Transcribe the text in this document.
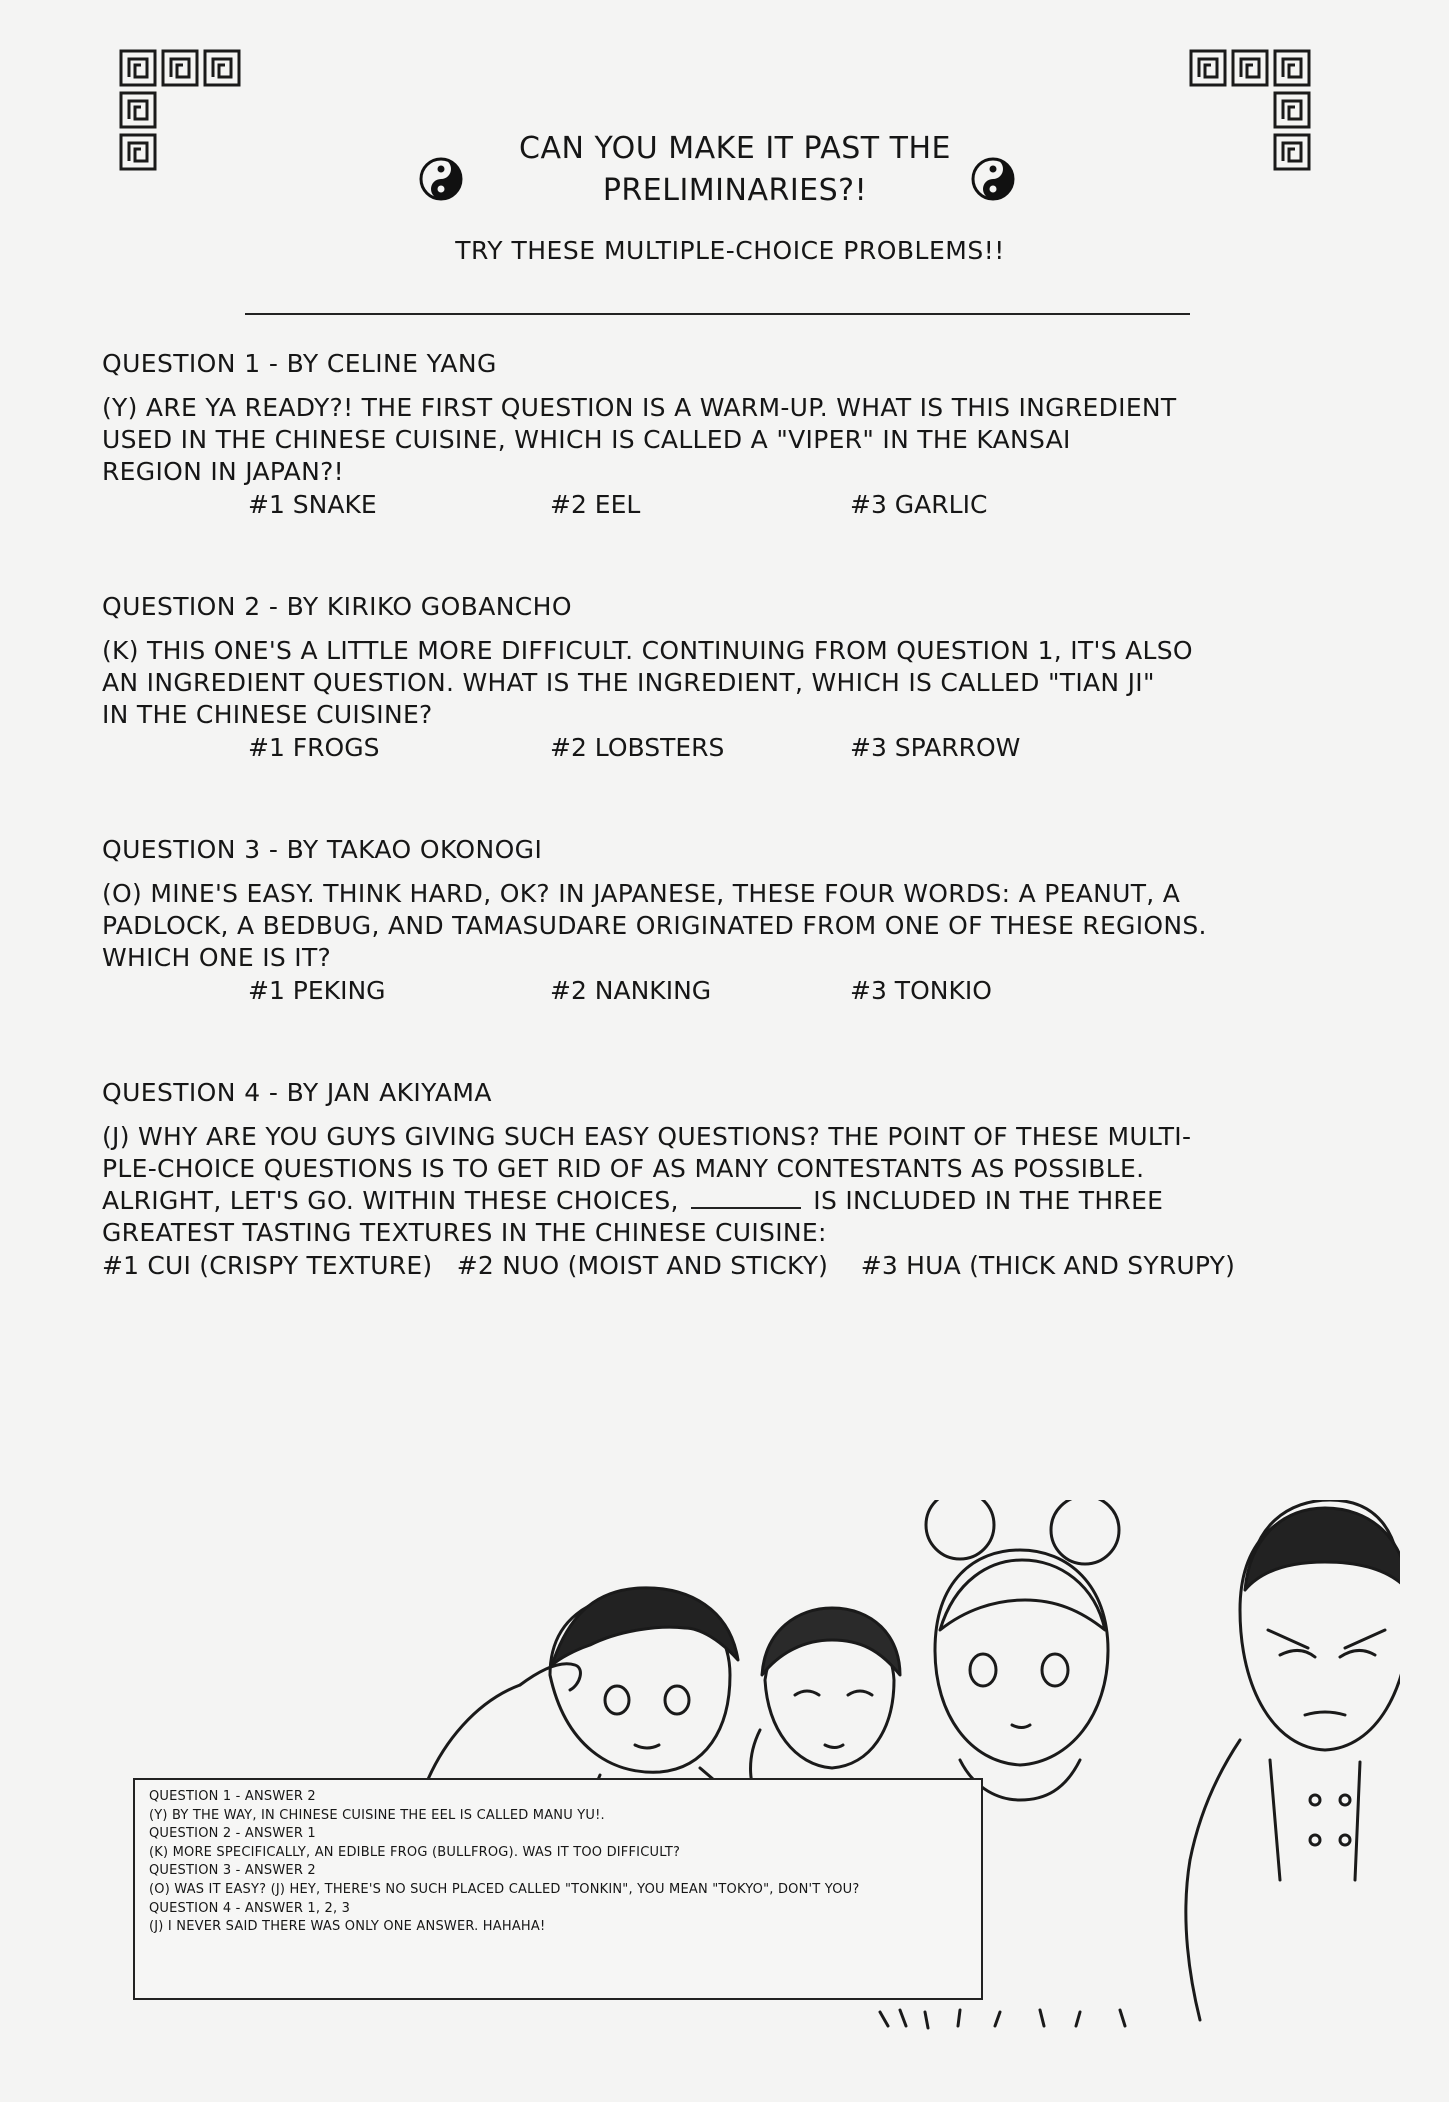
CAN YOU MAKE IT PAST THE
PRELIMINARIES?!
TRY THESE MULTIPLE-CHOICE PROBLEMS!!
QUESTION 1 - BY CELINE YANG
(Y) ARE YA READY?! THE FIRST QUESTION IS A WARM-UP. WHAT IS THIS INGREDIENT
USED IN THE CHINESE CUISINE, WHICH IS CALLED A "VIPER" IN THE KANSAI
REGION IN JAPAN?!
#1 SNAKE	#2 EEL	#3 GARLIC
QUESTION 2 - BY KIRIKO GOBANCHO
(K) THIS ONE'S A LITTLE MORE DIFFICULT. CONTINUING FROM QUESTION 1, IT'S ALSO
AN INGREDIENT QUESTION. WHAT IS THE INGREDIENT, WHICH IS CALLED "TIAN JI"
IN THE CHINESE CUISINE?
#1 FROGS	#2 LOBSTERS	#3 SPARROW
QUESTION 3 - BY TAKAO OKONOGI
(O) MINE'S EASY. THINK HARD, OK? IN JAPANESE, THESE FOUR WORDS: A PEANUT, A
PADLOCK, A BEDBUG, AND TAMASUDARE ORIGINATED FROM ONE OF THESE REGIONS.
WHICH ONE IS IT?
#1 PEKING	#2 NANKING	#3 TONKIO
QUESTION 4 - BY JAN AKIYAMA
(J) WHY ARE YOU GUYS GIVING SUCH EASY QUESTIONS? THE POINT OF THESE MULTI-
PLE-CHOICE QUESTIONS IS TO GET RID OF AS MANY CONTESTANTS AS POSSIBLE.
ALRIGHT, LET'S GO. WITHIN THESE CHOICES,	IS INCLUDED IN THE THREE
GREATEST TASTING TEXTURES IN THE CHINESE CUISINE:
#1 CUI (CRISPY TEXTURE) #2 NUO (MOIST AND STICKY) #3 HUA (THICK AND SYRUPY)
QUESTION 1 - ANSWER 2
(Y) BY THE WAY, IN CHINESE CUISINE THE EEL IS CALLED MANU YU!.
QUESTION 2 - ANSWER 1
(K) MORE SPECIFICALLY, AN EDIBLE FROG (BULLFROG). WAS IT TOO DIFFICULT?
QUESTION 3 - ANSWER 2
(O) WAS IT EASY? (J) HEY, THERE'S NO SUCH PLACED CALLED "TONKIN", YOU MEAN "TOKYO", DON'T YOU?
QUESTION 4 - ANSWER 1, 2, 3
(J) I NEVER SAID THERE WAS ONLY ONE ANSWER. HAHAHA!
